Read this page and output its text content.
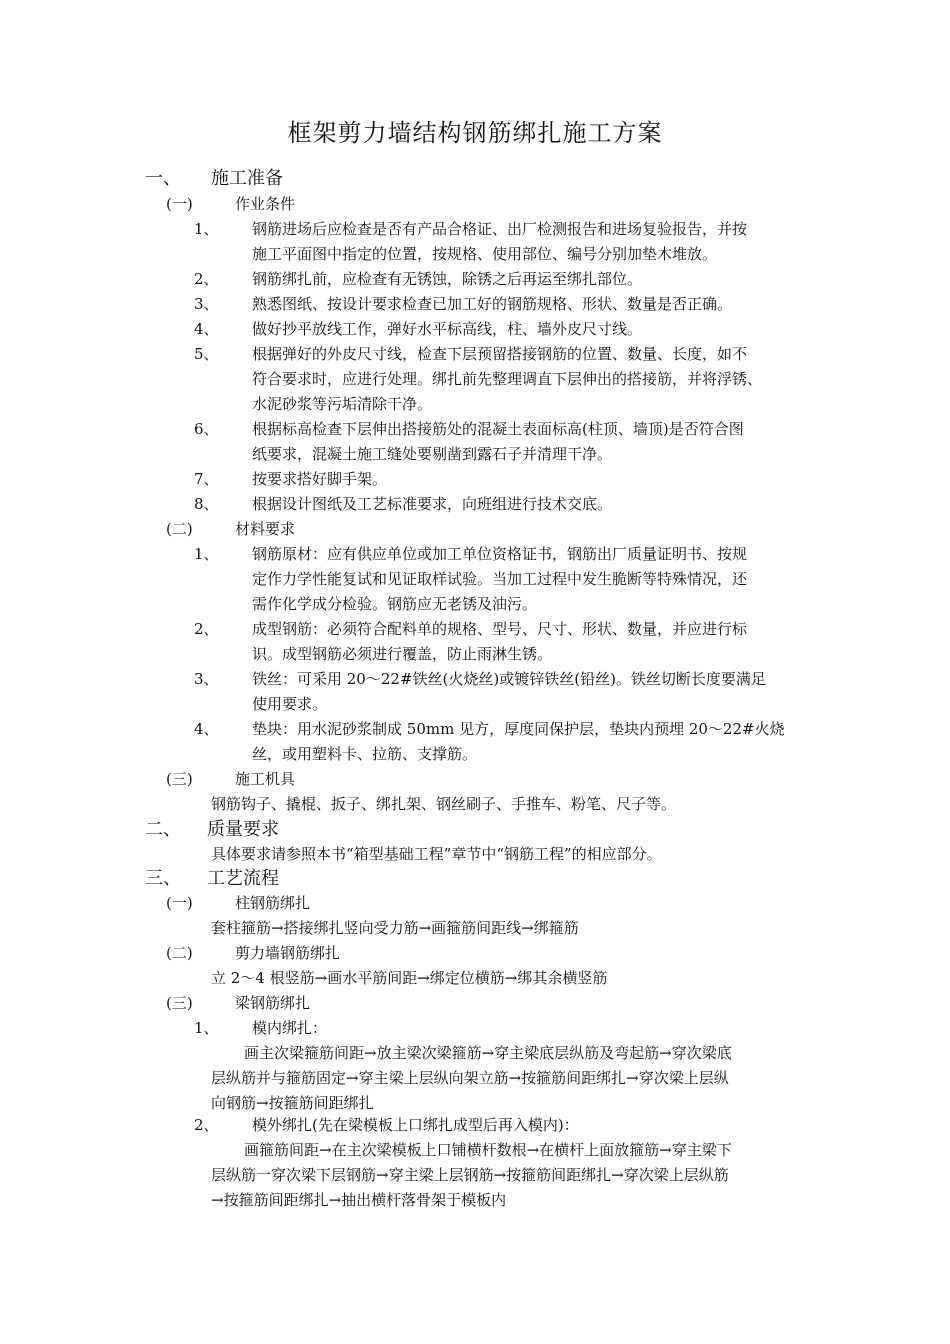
框架剪力墙结构钢筋绑扎施工方案
一、 施工准备
(一)	作业条件
1、 钢筋进场后应检查是否有产品合格证、出厂检测报告和进场复验报告，并按
施工平面图中指定的位置，按规格、使用部位、编号分别加垫木堆放。
2、 钢筋绑扎前，应检查有无锈蚀，除锈之后再运至绑扎部位。
3、 熟悉图纸、按设计要求检查已加工好的钢筋规格、形状、数量是否正确。
4、 做好抄平放线工作，弹好水平标高线，柱、墙外皮尺寸线。
5、 根据弹好的外皮尺寸线，检查下层预留搭接钢筋的位置、数量、长度，如不
符合要求时，应进行处理。绑扎前先整理调直下层伸出的搭接筋，并将浮锈、
水泥砂浆等污垢清除干净。
6、 根据标高检查下层伸出搭接筋处的混凝土表面标高(柱顶、墙顶)是否符合图
纸要求，混凝土施工缝处要剔凿到露石子并清理干净。
7、 按要求搭好脚手架。
8、 根据设计图纸及工艺标准要求，向班组进行技术交底。
(二)	材料要求
1、 钢筋原材：应有供应单位或加工单位资格证书，钢筋出厂质量证明书、按规
定作力学性能复试和见证取样试验。当加工过程中发生脆断等特殊情况，还
需作化学成分检验。钢筋应无老锈及油污。
2、 成型钢筋：必须符合配料单的规格、型号、尺寸、形状、数量，并应进行标
识。成型钢筋必须进行覆盖，防止雨淋生锈。
3、 铁丝：可采用 20～22#铁丝(火烧丝)或镀锌铁丝(铅丝)。铁丝切断长度要满足
使用要求。
4、 垫块：用水泥砂浆制成 50mm 见方，厚度同保护层，垫块内预埋 20～22#火烧
丝，或用塑料卡、拉筋、支撑筋。
(三)	施工机具
钢筋钩子、撬棍、扳子、绑扎架、钢丝刷子、手推车、粉笔、尺子等。
二、 质量要求
具体要求请参照本书“箱型基础工程”章节中“钢筋工程”的相应部分。
三、 工艺流程
(一)	柱钢筋绑扎
套柱箍筋→搭接绑扎竖向受力筋→画箍筋间距线→绑箍筋
(二)	剪力墙钢筋绑扎
立 2～4 根竖筋→画水平筋间距→绑定位横筋→绑其余横竖筋
(三)	梁钢筋绑扎
1、 模内绑扎：
画主次梁箍筋间距→放主梁次梁箍筋→穿主梁底层纵筋及弯起筋→穿次梁底
层纵筋并与箍筋固定→穿主梁上层纵向架立筋→按箍筋间距绑扎→穿次梁上层纵
向钢筋→按箍筋间距绑扎
2、 模外绑扎(先在梁模板上口绑扎成型后再入模内)：
画箍筋间距→在主次梁模板上口铺横杆数根→在横杆上面放箍筋→穿主梁下
层纵筋一穿次梁下层钢筋→穿主梁上层钢筋→按箍筋间距绑扎→穿次梁上层纵筋
→按箍筋间距绑扎→抽出横杆落骨架于模板内
